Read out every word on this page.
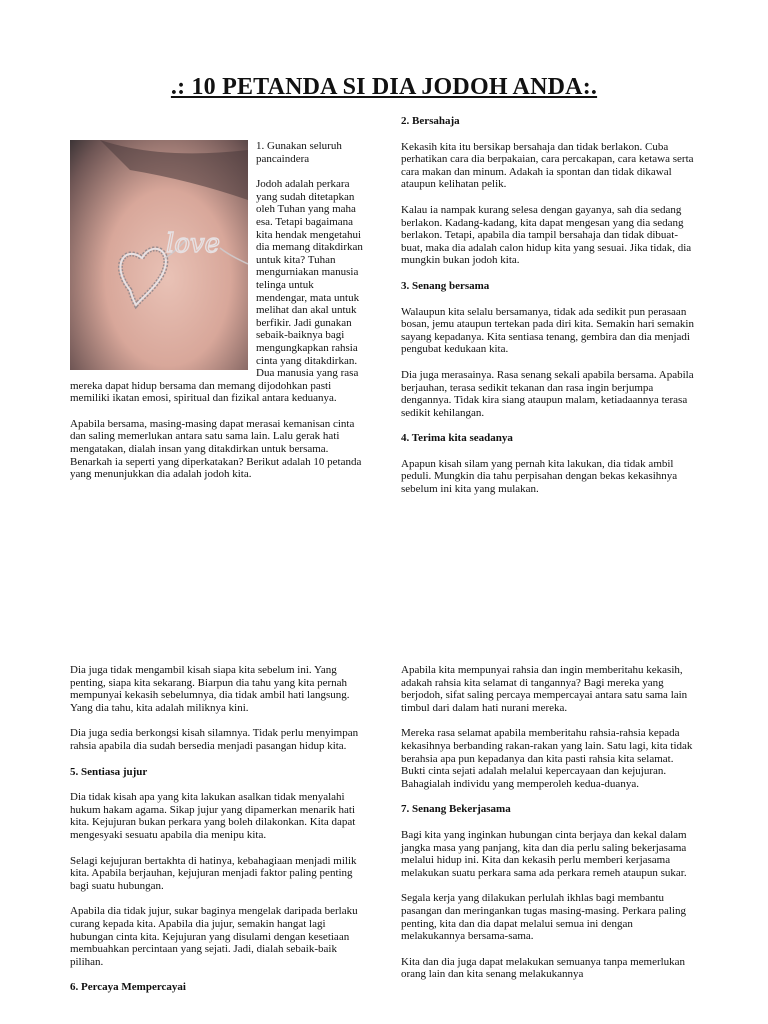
.: 10 PETANDA SI DIA JODOH ANDA:.
love

1. Gunakan seluruh pancaindera

Jodoh adalah perkara yang sudah ditetapkan oleh Tuhan yang maha esa. Tetapi bagaimana kita hendak mengetahui dia memang ditakdirkan untuk kita? Tuhan mengurniakan manusia telinga untuk mendengar, mata untuk melihat dan akal untuk berfikir. Jadi gunakan sebaik-baiknya bagi mengungkapkan rahsia cinta yang ditakdirkan. Dua manusia yang rasa mereka dapat hidup bersama dan memang dijodohkan pasti memiliki ikatan emosi, spiritual dan fizikal antara keduanya.

Apabila bersama, masing-masing dapat merasai kemanisan cinta dan saling memerlukan antara satu sama lain. Lalu gerak hati mengatakan, dialah insan yang ditakdirkan untuk bersama. Benarkah ia seperti yang diperkatakan? Berikut adalah 10 petanda yang menunjukkan dia adalah jodoh kita.

2. Bersahaja

Kekasih kita itu bersikap bersahaja dan tidak berlakon. Cuba perhatikan cara dia berpakaian, cara percakapan, cara ketawa serta cara makan dan minum. Adakah ia spontan dan tidak dikawal ataupun kelihatan pelik.

Kalau ia nampak kurang selesa dengan gayanya, sah dia sedang berlakon. Kadang-kadang, kita dapat mengesan yang dia sedang berlakon. Tetapi, apabila dia tampil bersahaja dan tidak dibuat-buat, maka dia adalah calon hidup kita yang sesuai. Jika tidak, dia mungkin bukan jodoh kita.

3. Senang bersama

Walaupun kita selalu bersamanya, tidak ada sedikit pun perasaan bosan, jemu ataupun tertekan pada diri kita. Semakin hari semakin sayang kepadanya. Kita sentiasa tenang, gembira dan dia menjadi pengubat kedukaan kita.

Dia juga merasainya. Rasa senang sekali apabila bersama. Apabila berjauhan, terasa sedikit tekanan dan rasa ingin berjumpa dengannya. Tidak kira siang ataupun malam, ketiadaannya terasa sedikit kehilangan.

4. Terima kita seadanya

Apapun kisah silam yang pernah kita lakukan, dia tidak ambil peduli. Mungkin dia tahu perpisahan dengan bekas kekasihnya sebelum ini kita yang mulakan.

Dia juga tidak mengambil kisah siapa kita sebelum ini. Yang penting, siapa kita sekarang. Biarpun dia tahu yang kita pernah mempunyai kekasih sebelumnya, dia tidak ambil hati langsung. Yang dia tahu, kita adalah miliknya kini.

Dia juga sedia berkongsi kisah silamnya. Tidak perlu menyimpan rahsia apabila dia sudah bersedia menjadi pasangan hidup kita.

5. Sentiasa jujur

Dia tidak kisah apa yang kita lakukan asalkan tidak menyalahi hukum hakam agama. Sikap jujur yang dipamerkan menarik hati kita. Kejujuran bukan perkara yang boleh dilakonkan. Kita dapat mengesyaki sesuatu apabila dia menipu kita.

Selagi kejujuran bertakhta di hatinya, kebahagiaan menjadi milik kita. Apabila berjauhan, kejujuran menjadi faktor paling penting bagi suatu hubungan.

Apabila dia tidak jujur, sukar baginya mengelak daripada berlaku curang kepada kita. Apabila dia jujur, semakin hangat lagi hubungan cinta kita. Kejujuran yang disulami dengan kesetiaan membuahkan percintaan yang sejati. Jadi, dialah sebaik-baik pilihan.

6. Percaya Mempercayai

Apabila kita mempunyai rahsia dan ingin memberitahu kekasih, adakah rahsia kita selamat di tangannya? Bagi mereka yang berjodoh, sifat saling percaya mempercayai antara satu sama lain timbul dari dalam hati nurani mereka.

Mereka rasa selamat apabila memberitahu rahsia-rahsia kepada kekasihnya berbanding rakan-rakan yang lain. Satu lagi, kita tidak berahsia apa pun kepadanya dan kita pasti rahsia kita selamat. Bukti cinta sejati adalah melalui kepercayaan dan kejujuran. Bahagialah individu yang memperoleh kedua-duanya.

7. Senang Bekerjasama

Bagi kita yang inginkan hubungan cinta berjaya dan kekal dalam jangka masa yang panjang, kita dan dia perlu saling bekerjasama melalui hidup ini. Kita dan kekasih perlu memberi kerjasama melakukan suatu perkara sama ada perkara remeh ataupun sukar.

Segala kerja yang dilakukan perlulah ikhlas bagi membantu pasangan dan meringankan tugas masing-masing. Perkara paling penting, kita dan dia dapat melalui semua ini dengan melakukannya bersama-sama.

Kita dan dia juga dapat melakukan semuanya tanpa memerlukan orang lain dan kita senang melakukannya
